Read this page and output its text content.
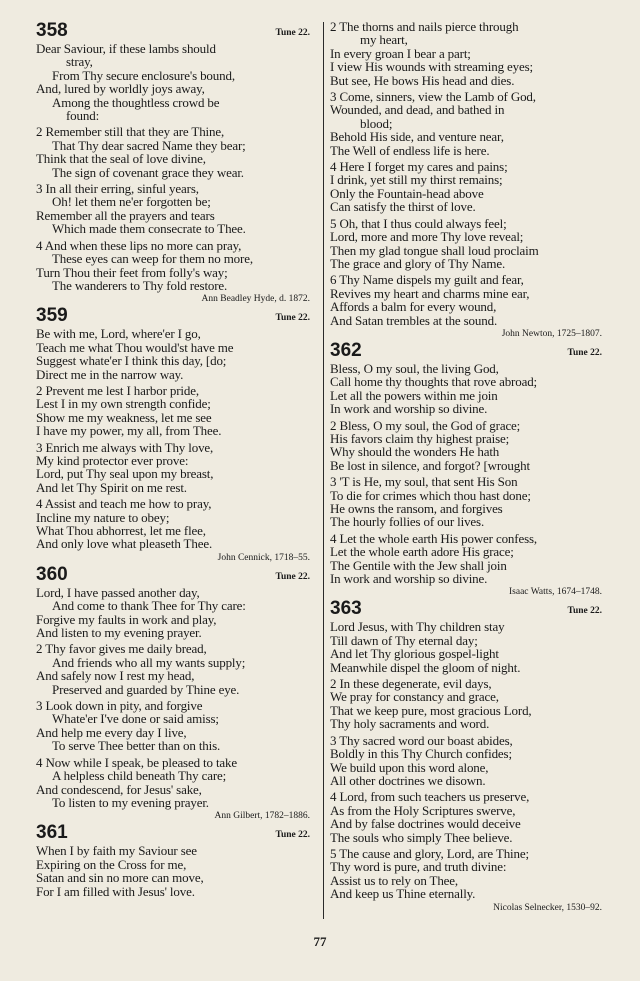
358	Tune 22.
Dear Saviour, if these lambs should
stray,
From Thy secure enclosure's bound,
And, lured by worldly joys away,
Among the thoughtless crowd be
found:
2 Remember still that they are Thine,
That Thy dear sacred Name they bear;
Think that the seal of love divine,
The sign of covenant grace they wear.
3 In all their erring, sinful years,
Oh! let them ne'er forgotten be;
Remember all the prayers and tears
Which made them consecrate to Thee.
4 And when these lips no more can pray,
These eyes can weep for them no more,
Turn Thou their feet from folly's way;
The wanderers to Thy fold restore.
Ann Beadley Hyde, d. 1872.
359	Tune 22.
Be with me, Lord, where'er I go,
Teach me what Thou would'st have me
Suggest whate'er I think this day, [do;
Direct me in the narrow way.
2 Prevent me lest I harbor pride,
Lest I in my own strength confide;
Show me my weakness, let me see
I have my power, my all, from Thee.
3 Enrich me always with Thy love,
My kind protector ever prove:
Lord, put Thy seal upon my breast,
And let Thy Spirit on me rest.
4 Assist and teach me how to pray,
Incline my nature to obey;
What Thou abhorrest, let me flee,
And only love what pleaseth Thee.
John Cennick, 1718–55.
360	Tune 22.
Lord, I have passed another day,
And come to thank Thee for Thy care:
Forgive my faults in work and play,
And listen to my evening prayer.
2 Thy favor gives me daily bread,
And friends who all my wants supply;
And safely now I rest my head,
Preserved and guarded by Thine eye.
3 Look down in pity, and forgive
Whate'er I've done or said amiss;
And help me every day I live,
To serve Thee better than on this.
4 Now while I speak, be pleased to take
A helpless child beneath Thy care;
And condescend, for Jesus' sake,
To listen to my evening prayer.
Ann Gilbert, 1782–1886.
361	Tune 22.
When I by faith my Saviour see
Expiring on the Cross for me,
Satan and sin no more can move,
For I am filled with Jesus' love.
2 The thorns and nails pierce through
my heart,
In every groan I bear a part;
I view His wounds with streaming eyes;
But see, He bows His head and dies.
3 Come, sinners, view the Lamb of God,
Wounded, and dead, and bathed in
blood;
Behold His side, and venture near,
The Well of endless life is here.
4 Here I forget my cares and pains;
I drink, yet still my thirst remains;
Only the Fountain-head above
Can satisfy the thirst of love.
5 Oh, that I thus could always feel;
Lord, more and more Thy love reveal;
Then my glad tongue shall loud proclaim
The grace and glory of Thy Name.
6 Thy Name dispels my guilt and fear,
Revives my heart and charms mine ear,
Affords a balm for every wound,
And Satan trembles at the sound.
John Newton, 1725–1807.
362	Tune 22.
Bless, O my soul, the living God,
Call home thy thoughts that rove abroad;
Let all the powers within me join
In work and worship so divine.
2 Bless, O my soul, the God of grace;
His favors claim thy highest praise;
Why should the wonders He hath
Be lost in silence, and forgot? [wrought
3 'T is He, my soul, that sent His Son
To die for crimes which thou hast done;
He owns the ransom, and forgives
The hourly follies of our lives.
4 Let the whole earth His power confess,
Let the whole earth adore His grace;
The Gentile with the Jew shall join
In work and worship so divine.
Isaac Watts, 1674–1748.
363	Tune 22.
Lord Jesus, with Thy children stay
Till dawn of Thy eternal day;
And let Thy glorious gospel-light
Meanwhile dispel the gloom of night.
2 In these degenerate, evil days,
We pray for constancy and grace,
That we keep pure, most gracious Lord,
Thy holy sacraments and word.
3 Thy sacred word our boast abides,
Boldly in this Thy Church confides;
We build upon this word alone,
All other doctrines we disown.
4 Lord, from such teachers us preserve,
As from the Holy Scriptures swerve,
And by false doctrines would deceive
The souls who simply Thee believe.
5 The cause and glory, Lord, are Thine;
Thy word is pure, and truth divine:
Assist us to rely on Thee,
And keep us Thine eternally.
Nicolas Selnecker, 1530–92.
77
